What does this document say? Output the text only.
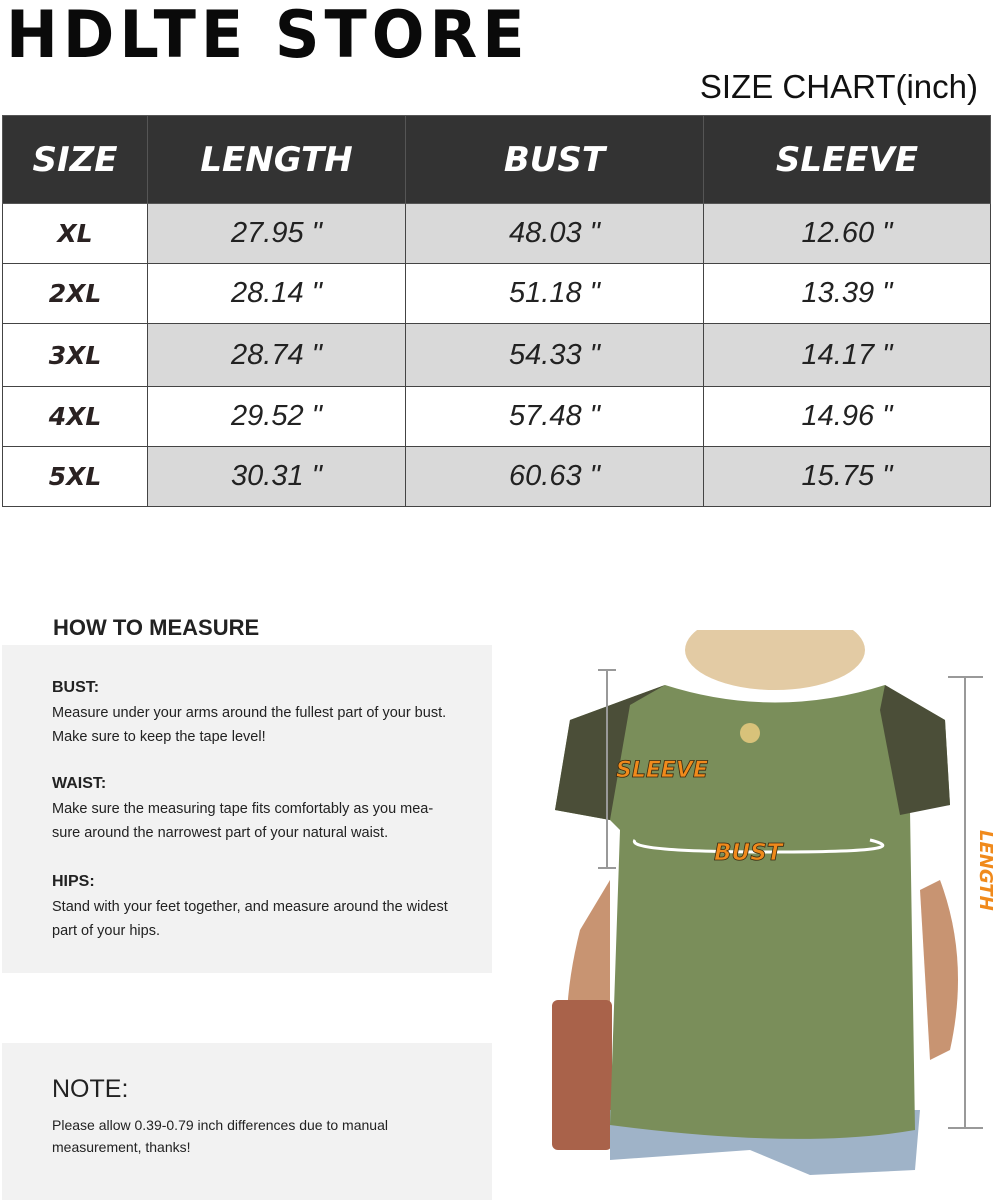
HDLTE STORE
SIZE CHART(inch)
SIZE	LENGTH	BUST	SLEEVE
XL	27.95 "	48.03 "	12.60 "
2XL	28.14 "	51.18 "	13.39 "
3XL	28.74 "	54.33 "	14.17 "
4XL	29.52 "	57.48 "	14.96 "
5XL	30.31 "	60.63 "	15.75 "
HOW TO MEASURE
BUST:
Measure under your arms around the fullest part of your bust.
Make sure to keep the tape level!
WAIST:
Make sure the measuring tape fits comfortably as you mea-
sure around the narrowest part of your natural waist.
HIPS:
Stand with your feet together, and measure around the widest
part of your hips.
NOTE:
Please allow 0.39-0.79 inch differences due to manual
measurement, thanks!
SLEEVE
BUST	LENGTH
